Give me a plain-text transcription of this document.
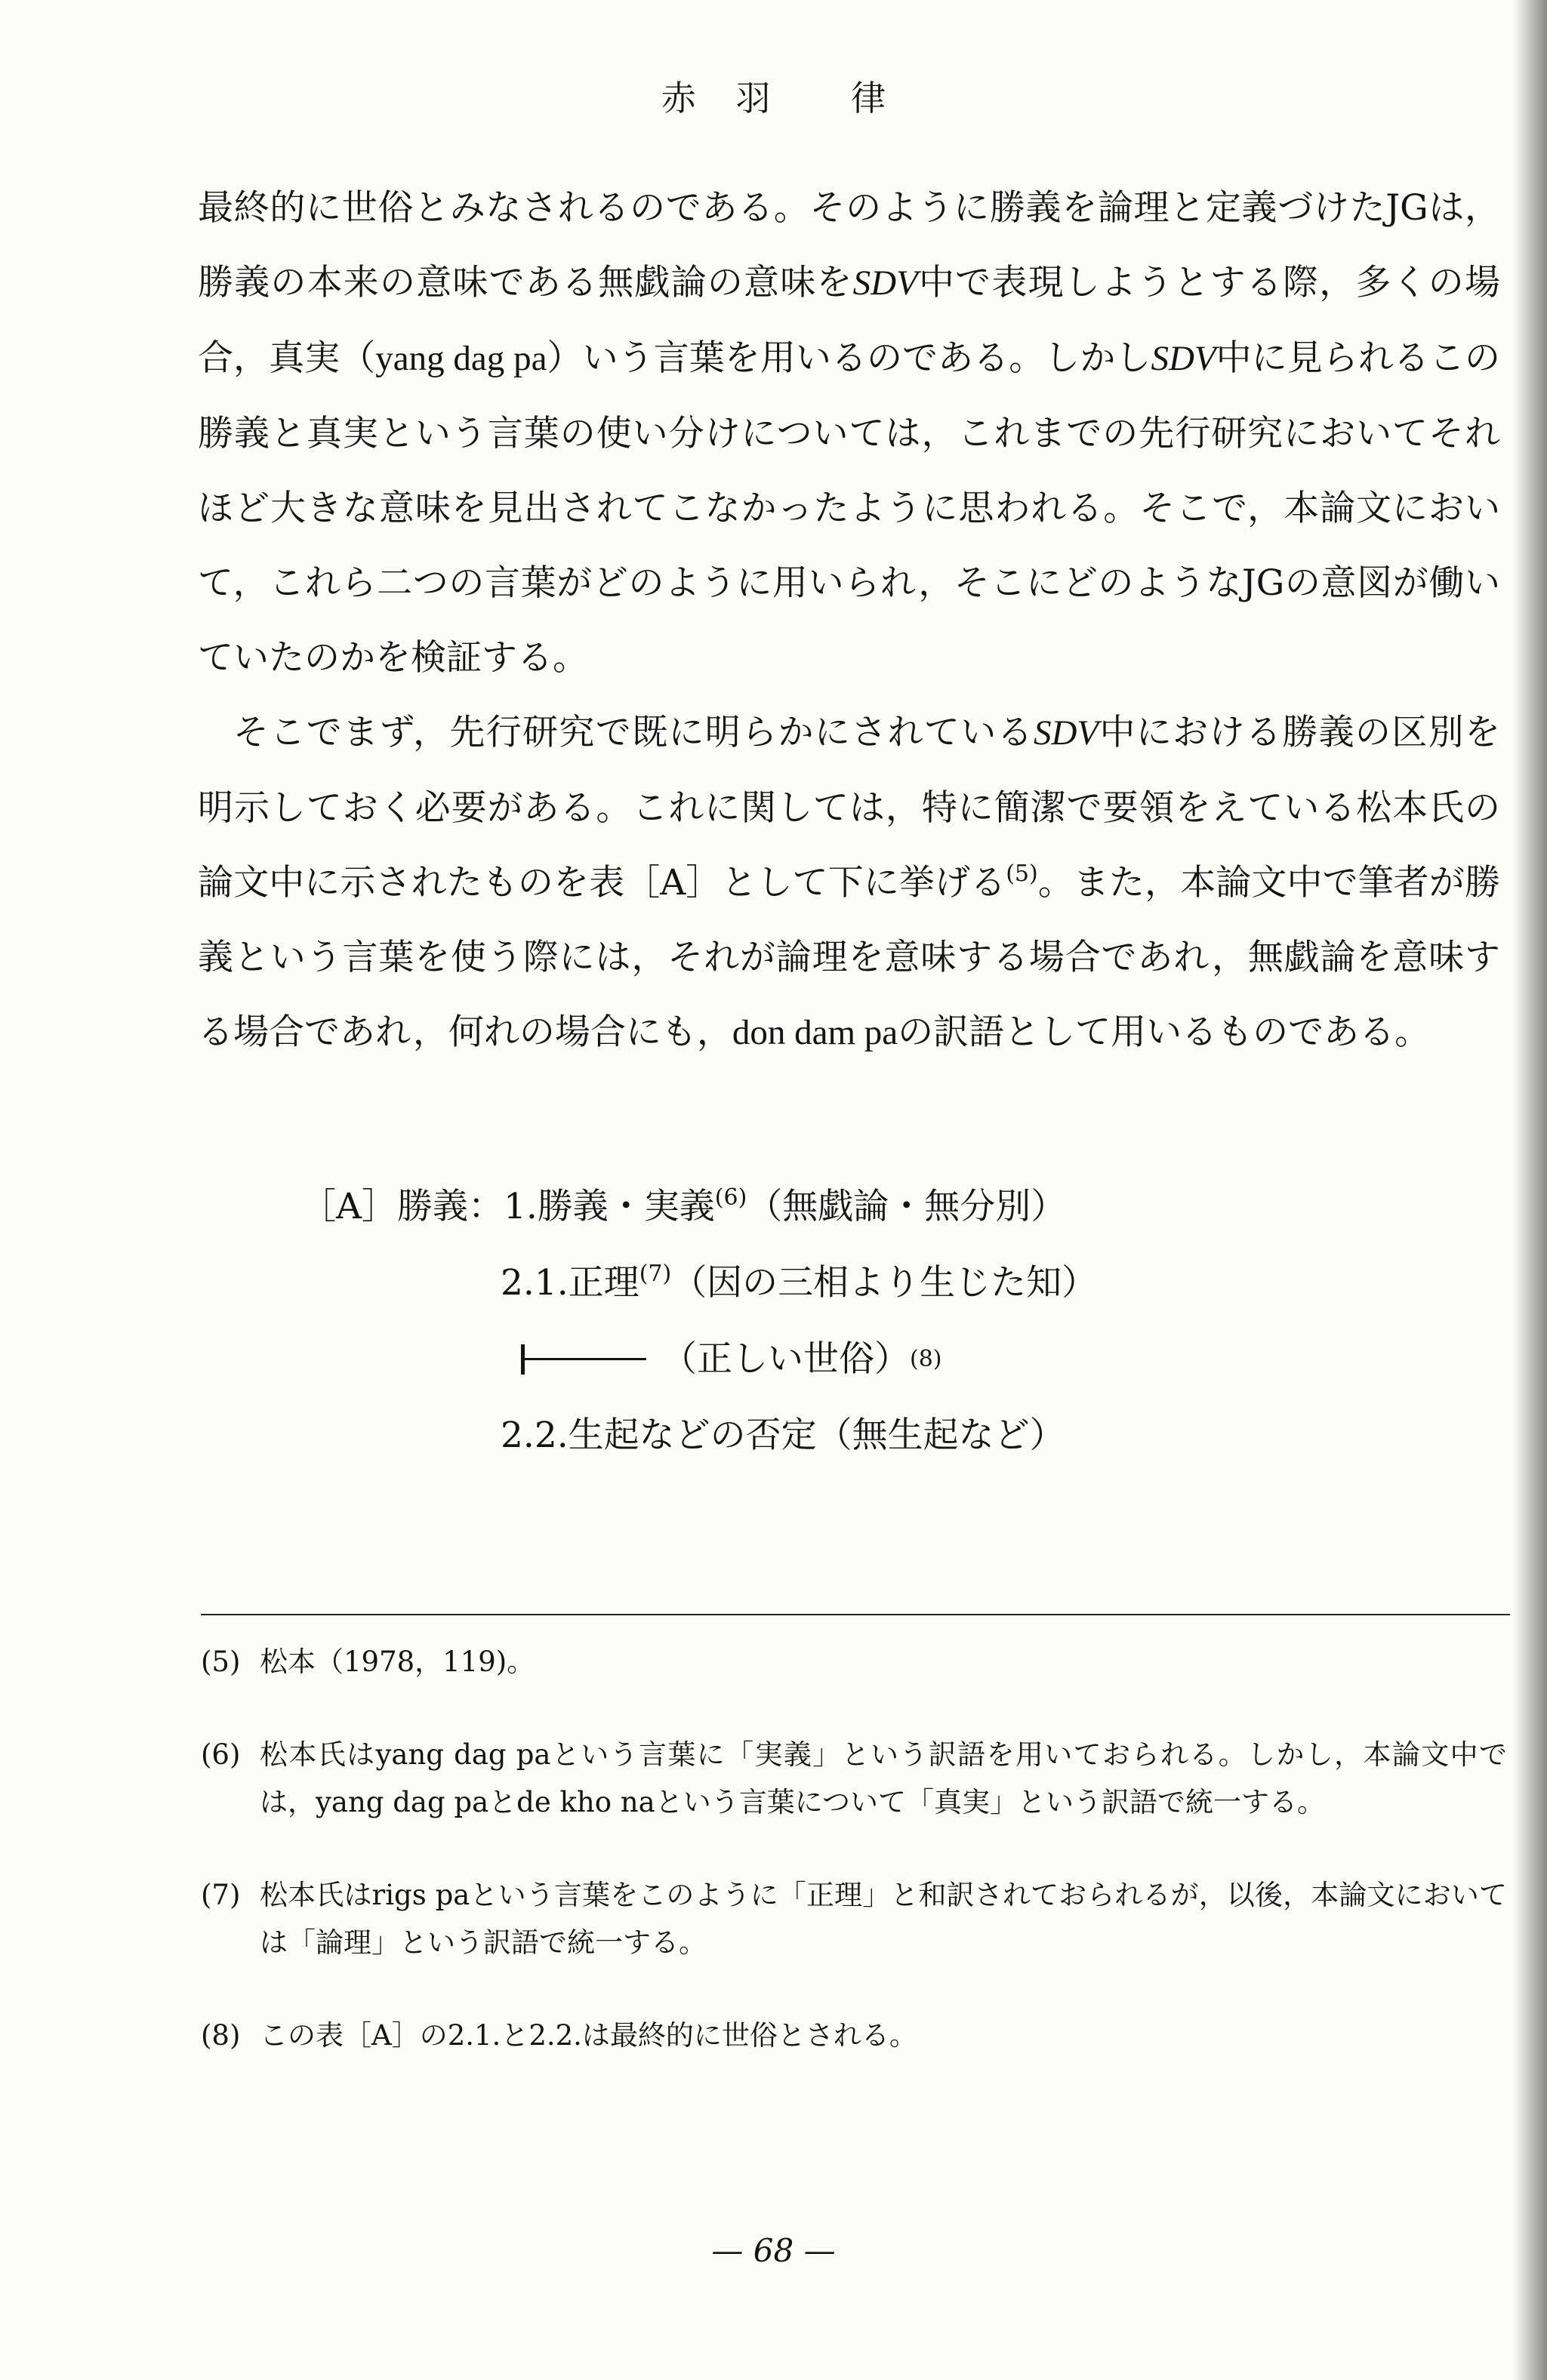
赤 羽 律

最終的に世俗とみなされるのである。そのように勝義を論理と定義づけたJGは，勝義の本来の意味である無戯論の意味をSDV中で表現しようとする際，多くの場合，真実（yang dag pa）いう言葉を用いるのである。しかしSDV中に見られるこの勝義と真実という言葉の使い分けについては，これまでの先行研究においてそれほど大きな意味を見出されてこなかったように思われる。そこで，本論文において，これら二つの言葉がどのように用いられ，そこにどのようなJGの意図が働いていたのかを検証する。

そこでまず，先行研究で既に明らかにされているSDV中における勝義の区別を明示しておく必要がある。これに関しては，特に簡潔で要領をえている松本氏の論文中に示されたものを表［A］として下に挙げる$^{(5)}$。また，本論文中で筆者が勝義という言葉を使う際には，それが論理を意味する場合であれ，無戯論を意味する場合であれ，何れの場合にも，don dam paの訳語として用いるものである。

［A］勝義：1.勝義・実義$^{(6)}$（無戯論・無分別）
2.1.正理$^{(7)}$（因の三相より生じた知）
（正しい世俗） (8)
2.2.生起などの否定（無生起など）
(5) 松本（1978，119)。
(6) 松本氏はyang dag paという言葉に「実義」という訳語を用いておられる。しかし，本論文中では，yang dag paとde kho naという言葉について「真実」という訳語で統一する。
(7) 松本氏はrigs paという言葉をこのように「正理」と和訳されておられるが，以後，本論文においては「論理」という訳語で統一する。
(8) この表［A］の2.1.と2.2.は最終的に世俗とされる。
— 68 —
